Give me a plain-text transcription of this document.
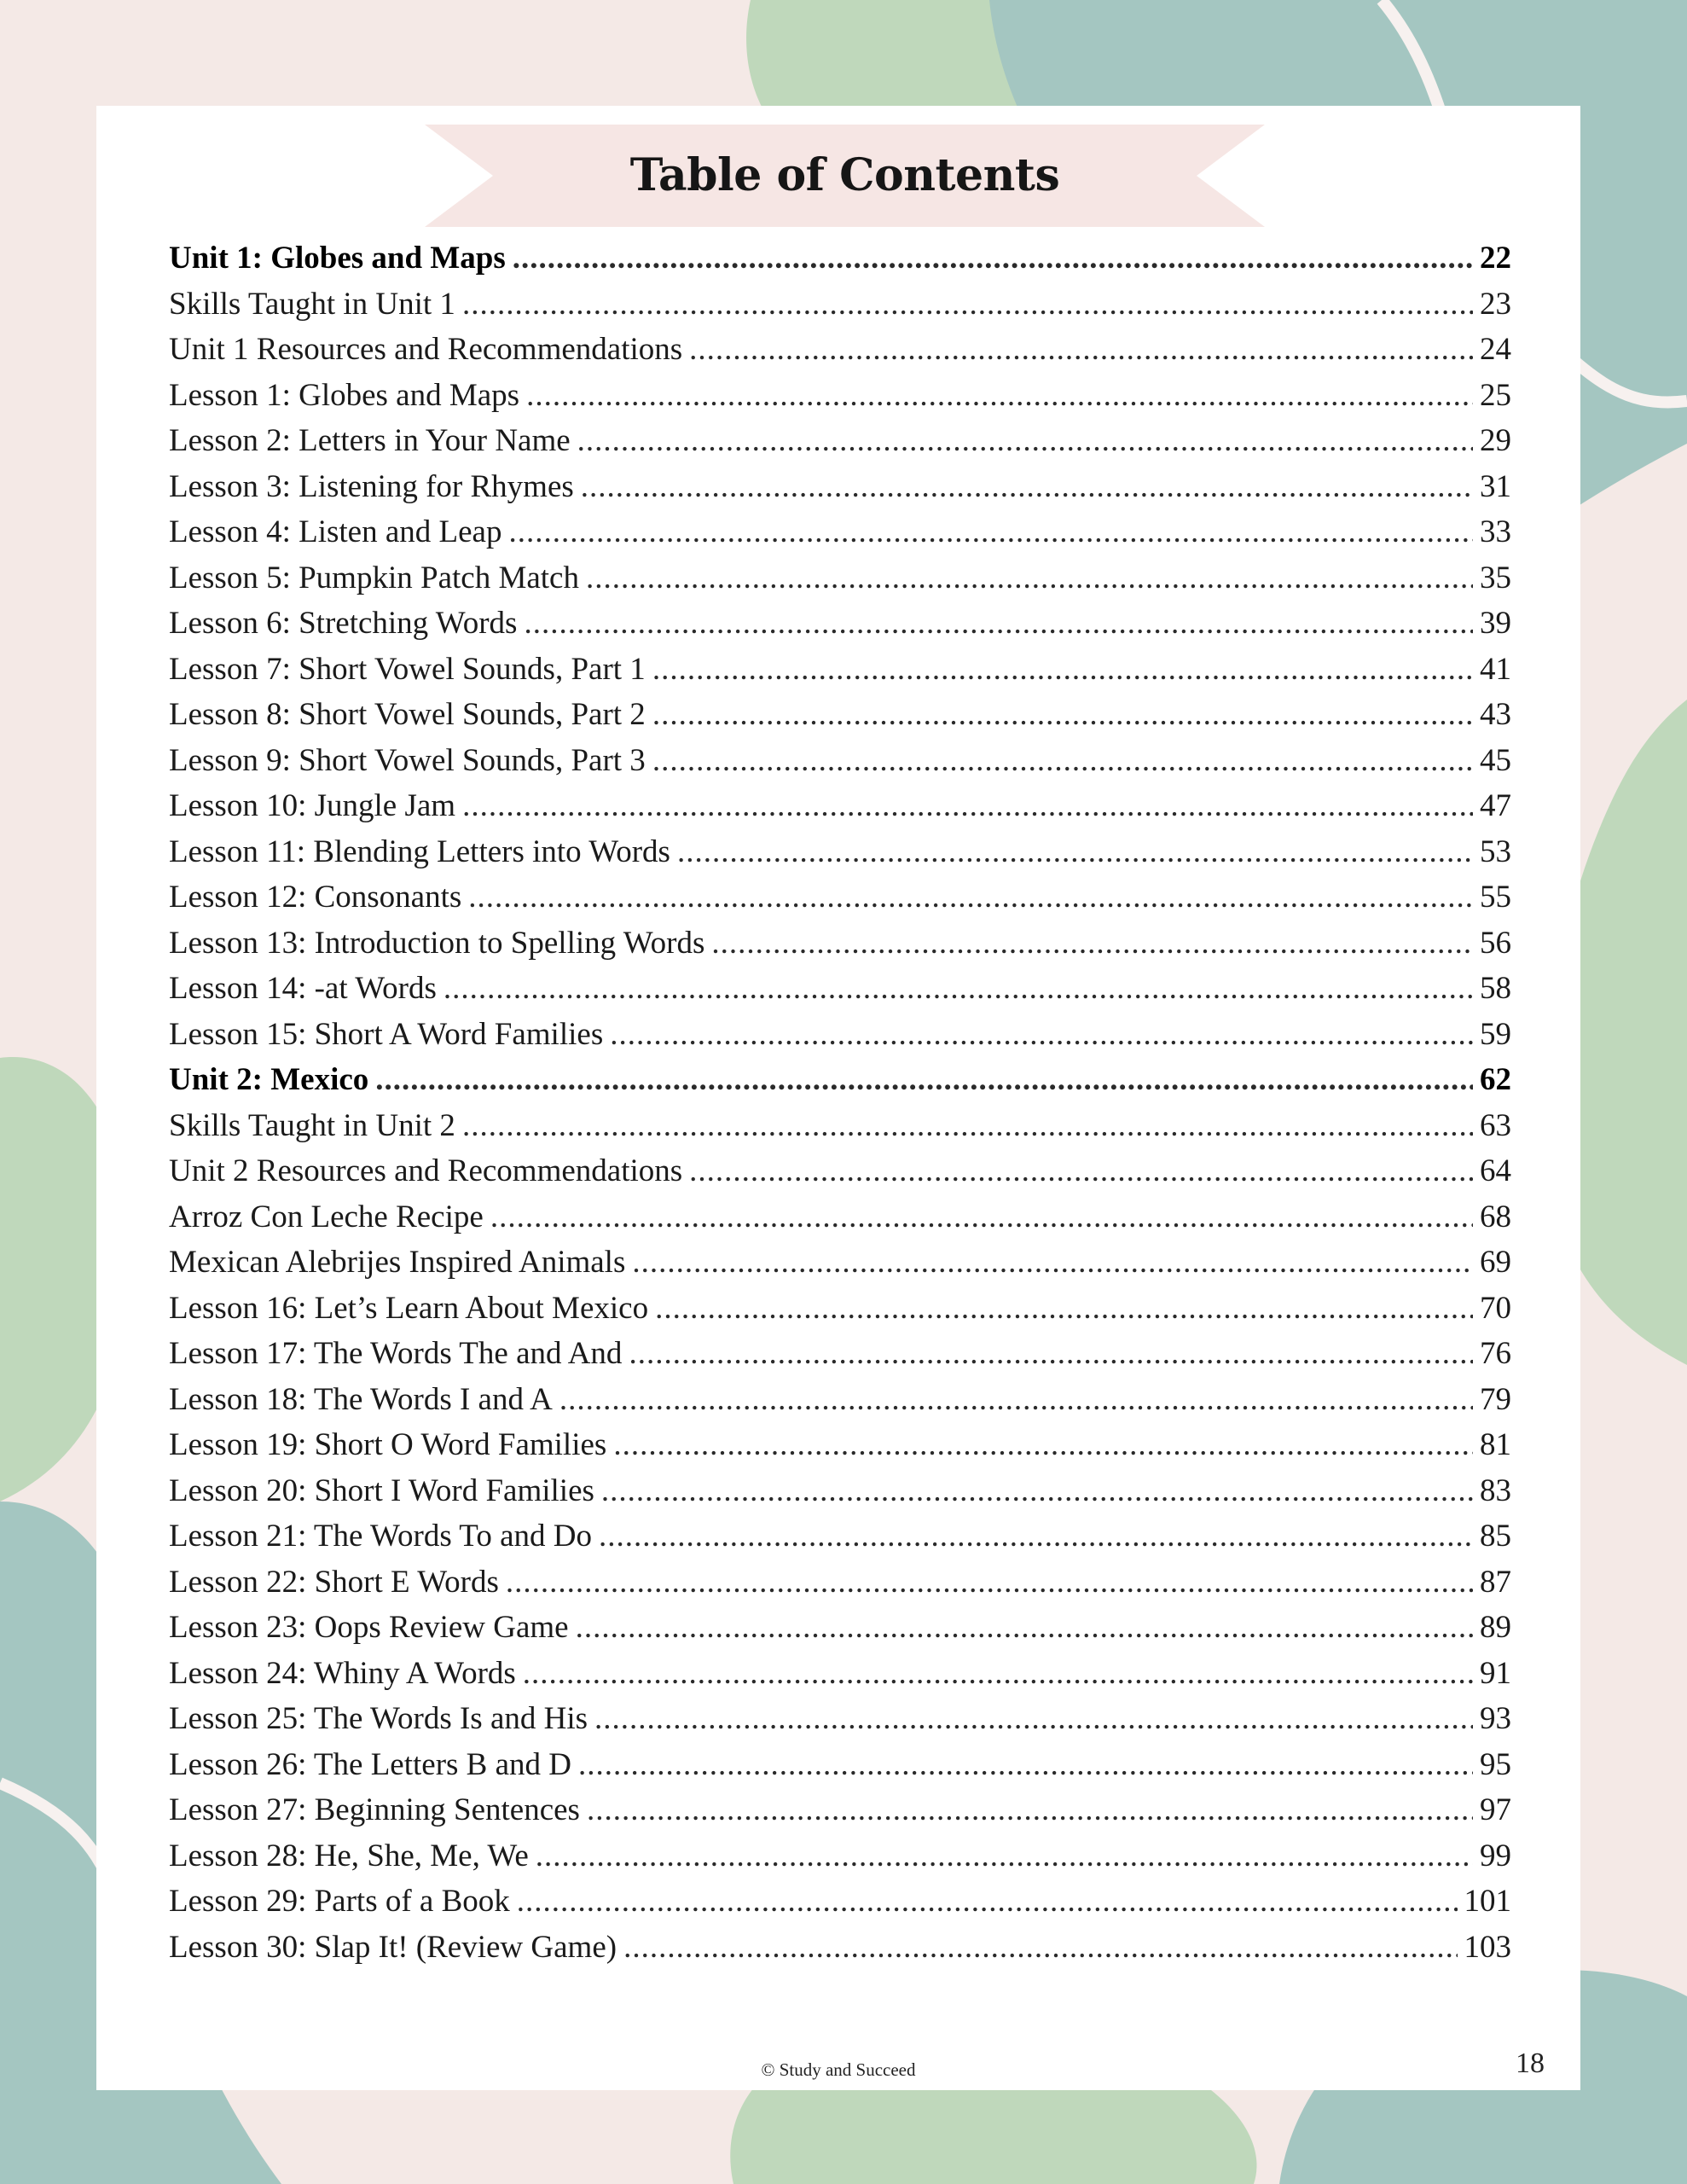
Table of Contents
Unit 1: Globes and Maps .....	22
Skills Taught in Unit 1 .....	23
Unit 1 Resources and Recommendations .....	24
Lesson 1: Globes and Maps .....	25
Lesson 2: Letters in Your Name .....	29
Lesson 3: Listening for Rhymes .....	31
Lesson 4: Listen and Leap .....	33
Lesson 5: Pumpkin Patch Match .....	35
Lesson 6: Stretching Words .....	39
Lesson 7: Short Vowel Sounds, Part 1 .....	41
Lesson 8: Short Vowel Sounds, Part 2 .....	43
Lesson 9: Short Vowel Sounds, Part 3 .....	45
Lesson 10: Jungle Jam .....	47
Lesson 11: Blending Letters into Words .....	53
Lesson 12: Consonants .....	55
Lesson 13: Introduction to Spelling Words .....	56
Lesson 14: -at Words .....	58
Lesson 15: Short A Word Families .....	59
Unit 2: Mexico .....	62
Skills Taught in Unit 2 .....	63
Unit 2 Resources and Recommendations .....	64
Arroz Con Leche Recipe .....	68
Mexican Alebrijes Inspired Animals .....	69
Lesson 16: Let’s Learn About Mexico .....	70
Lesson 17: The Words The and And .....	76
Lesson 18: The Words I and A .....	79
Lesson 19: Short O Word Families .....	81
Lesson 20: Short I Word Families .....	83
Lesson 21: The Words To and Do .....	85
Lesson 22: Short E Words .....	87
Lesson 23: Oops Review Game .....	89
Lesson 24: Whiny A Words .....	91
Lesson 25: The Words Is and His .....	93
Lesson 26: The Letters B and D .....	95
Lesson 27: Beginning Sentences .....	97
Lesson 28: He, She, Me, We .....	99
Lesson 29: Parts of a Book .....	101
Lesson 30: Slap It! (Review Game) .....	103
© Study and Succeed	18
